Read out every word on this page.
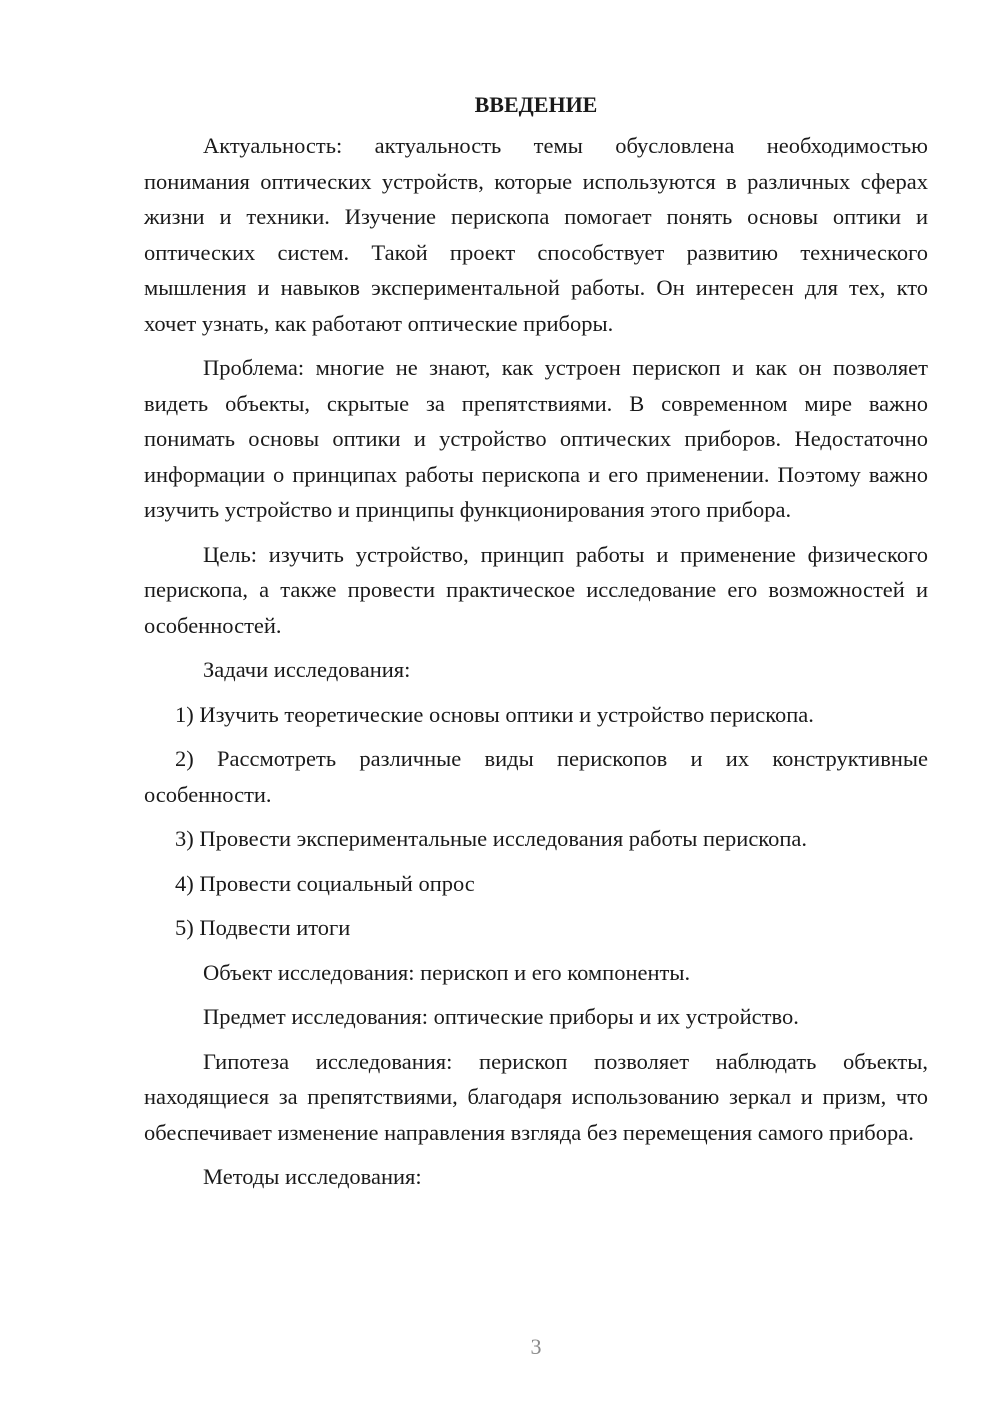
ВВЕДЕНИЕ

Актуальность: актуальность темы обусловлена необходимостью понимания оптических устройств, которые используются в различных сферах жизни и техники. Изучение перископа помогает понять основы оптики и оптических систем. Такой проект способствует развитию технического мышления и навыков экспериментальной работы. Он интересен для тех, кто хочет узнать, как работают оптические приборы.

Проблема: многие не знают, как устроен перископ и как он позволяет видеть объекты, скрытые за препятствиями. В современном мире важно понимать основы оптики и устройство оптических приборов. Недостаточно информации о принципах работы перископа и его применении. Поэтому важно изучить устройство и принципы функционирования этого прибора.

Цель: изучить устройство, принцип работы и применение физического перископа, а также провести практическое исследование его возможностей и особенностей.

Задачи исследования:

1) Изучить теоретические основы оптики и устройство перископа.

2) Рассмотреть различные виды перископов и их конструктивные особенности.

3) Провести экспериментальные исследования работы перископа.

4) Провести социальный опрос

5) Подвести итоги

Объект исследования: перископ и его компоненты.

Предмет исследования: оптические приборы и их устройство.

Гипотеза исследования: перископ позволяет наблюдать объекты, находящиеся за препятствиями, благодаря использованию зеркал и призм, что обеспечивает изменение направления взгляда без перемещения самого прибора.

Методы исследования:

3
